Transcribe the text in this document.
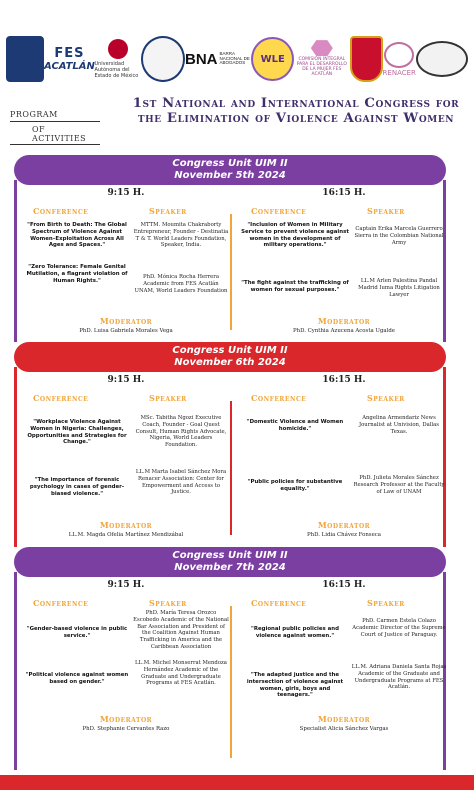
FES
ACATLÁN Universidad Autónoma del Estado de México
BNA BARRA NACIONAL DE ABOGADOS	WLE	COMISIÓN INTEGRAL PARA EL DESARROLLO DE LA MUJER FES ACATLÁN	RENACER
PROGRAM
OF ACTIVITIES
1st National and International Congress for the Elimination of Violence Against Women
Congress Unit UIM II
November 5th 2024
9:15 H.
Conference	Speaker
"From Birth to Death: The Global Spectrum of Violence Against Women–Exploitation Across All Ages and Spaces."
MTTM. Moumita Chakraborty Entrepreneur, Founder - Destinatia T & T. World Leaders Foundation, Speaker, India.
"Zero Tolerance: Female Genital Mutilation, a flagrant violation of Human Rights."
PhD. Mónica Rocha Herrera Academic from FES Acatlán UNAM, World Leaders Foundation
Moderator
PhD. Luisa Gabriela Morales Vega
16:15 H.
Conference	Speaker
"Inclusion of Women in Military Service to prevent violence against women in the development of military operations."
Captain Erika Marcela Guerrero Sierra in the Colombian National Army
"The fight against the trafficking of women for sexual purposes."
LL.M Arlen Palestina Pandal Madrid Iuma Rights Litigation Lawyer
Moderator
PhD. Cynthia Azucena Acosta Ugalde
Congress Unit UIM II
November 6th 2024
9:15 H.
Conference	Speaker
"Workplace Violence Against Women in Nigeria: Challenges, Opportunities and Strategies for Change."
MSc. Tabitha Ngozi Executive Coach, Founder - Goal Quest Consult, Human Rights Advocate, Nigeria, World Leaders Foundation.
"The importance of forensic psychology in cases of gender-biased violence."
LL.M Marta Isabel Sánchez Mora Renacer Association: Center for Empowerment and Access to Justice.
Moderator
LL.M. Magda Ofelia Martínez Mendizábal
16:15 H.
Conference	Speaker
"Domestic Violence and Women homicide."
Angelina Armendariz News Journalist at Univision, Dallas Texas.
"Public policies for substantive equality."
PhD. Julieta Morales Sánchez Research Professor at the Faculty of Law of UNAM
Moderator
PhD. Lidia Chávez Fonseca
Congress Unit UIM II
November 7th 2024
9:15 H.
Conference	Speaker
"Gender-based violence in public service."
PhD. María Teresa Orozco Escobedo Academic of the National Bar Association and President of the Coalition Against Human Trafficking in America and the Caribbean Association
"Political violence against women based on gender."
LL.M. Michel Monserrat Mendoza Hernández Academic of the Graduate and Undergraduate Programs at FES Acatlán.
Moderator
PhD. Stephanie Cervantes Razo
16:15 H.
Conference	Speaker
"Regional public policies and violence against women."
PhD. Carmen Estela Colazo Academic Director of the Supreme Court of Justice of Paraguay.
"The adapted justice and the intersection of violence against women, girls, boys and teenagers."
LL.M. Adriana Daniela Santa Rojas Academic of the Graduate and Undergraduate Programs at FES Acatlán.
Moderator
Specialist Alicia Sánchez Vargas
